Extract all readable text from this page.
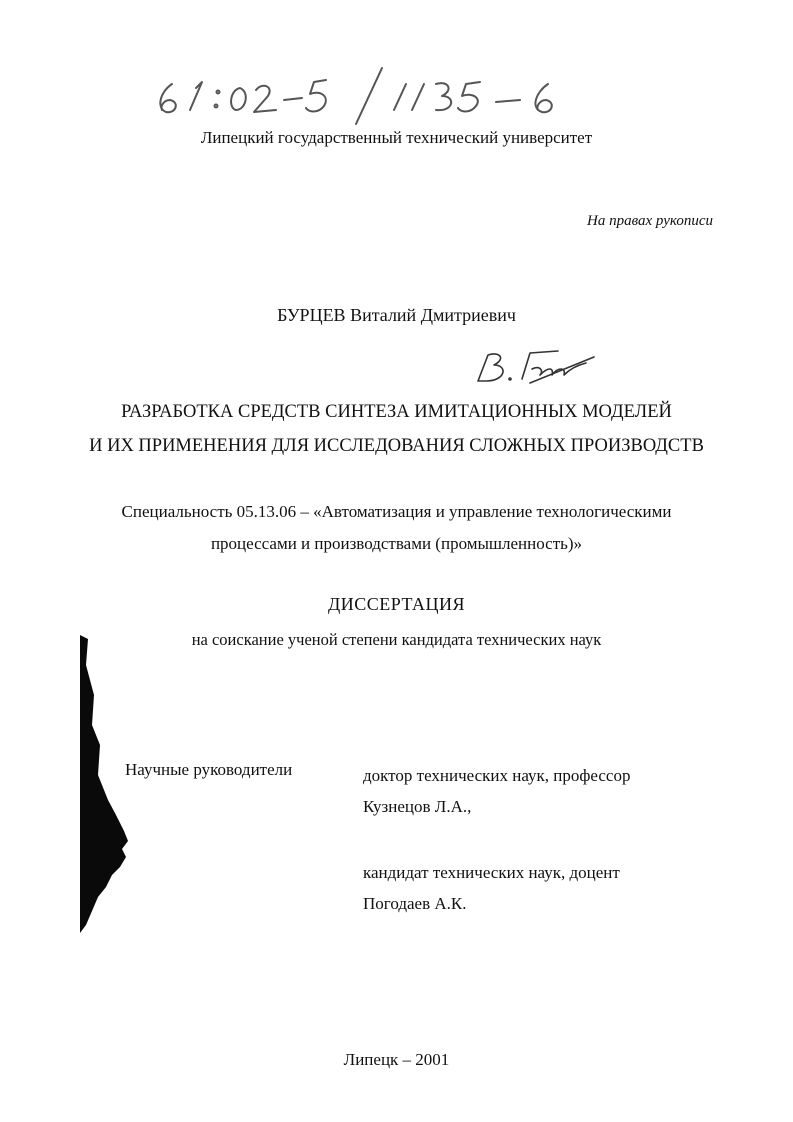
61:02-5/1135-6
Липецкий государственный технический университет
На правах рукописи
БУРЦЕВ Виталий Дмитриевич
РАЗРАБОТКА СРЕДСТВ СИНТЕЗА ИМИТАЦИОННЫХ МОДЕЛЕЙ
И ИХ ПРИМЕНЕНИЯ ДЛЯ ИССЛЕДОВАНИЯ СЛОЖНЫХ ПРОИЗВОДСТВ
Специальность 05.13.06 – «Автоматизация и управление технологическими
процессами и производствами (промышленность)»
ДИССЕРТАЦИЯ
на соискание ученой степени кандидата технических наук
Научные руководители	доктор технических наук, профессор
Кузнецов Л.А.,
кандидат технических наук, доцент
Погодаев А.К.
Липецк – 2001
